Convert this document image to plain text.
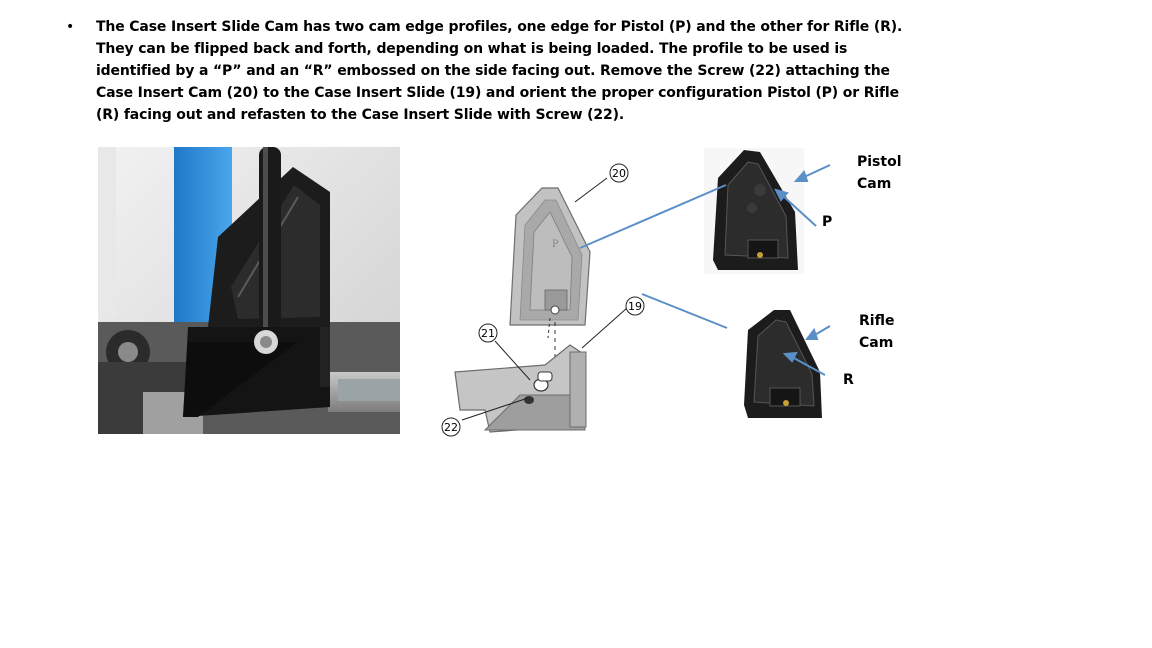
• The Case Insert Slide Cam has two cam edge profiles, one edge for Pistol (P) and the other for Rifle (R). They can be flipped back and forth, depending on what is being loaded. The profile to be used is identified by a “P” and an “R” embossed on the side facing out. Remove the Screw (22) attaching the Case Insert Cam (20) to the Case Insert Slide (19) and orient the proper configuration Pistol (P) or Rifle (R) facing out and refasten to the Case Insert Slide with Screw (22).
P
20
19
21
22
Pistol
Cam
P
Rifle
Cam
R
